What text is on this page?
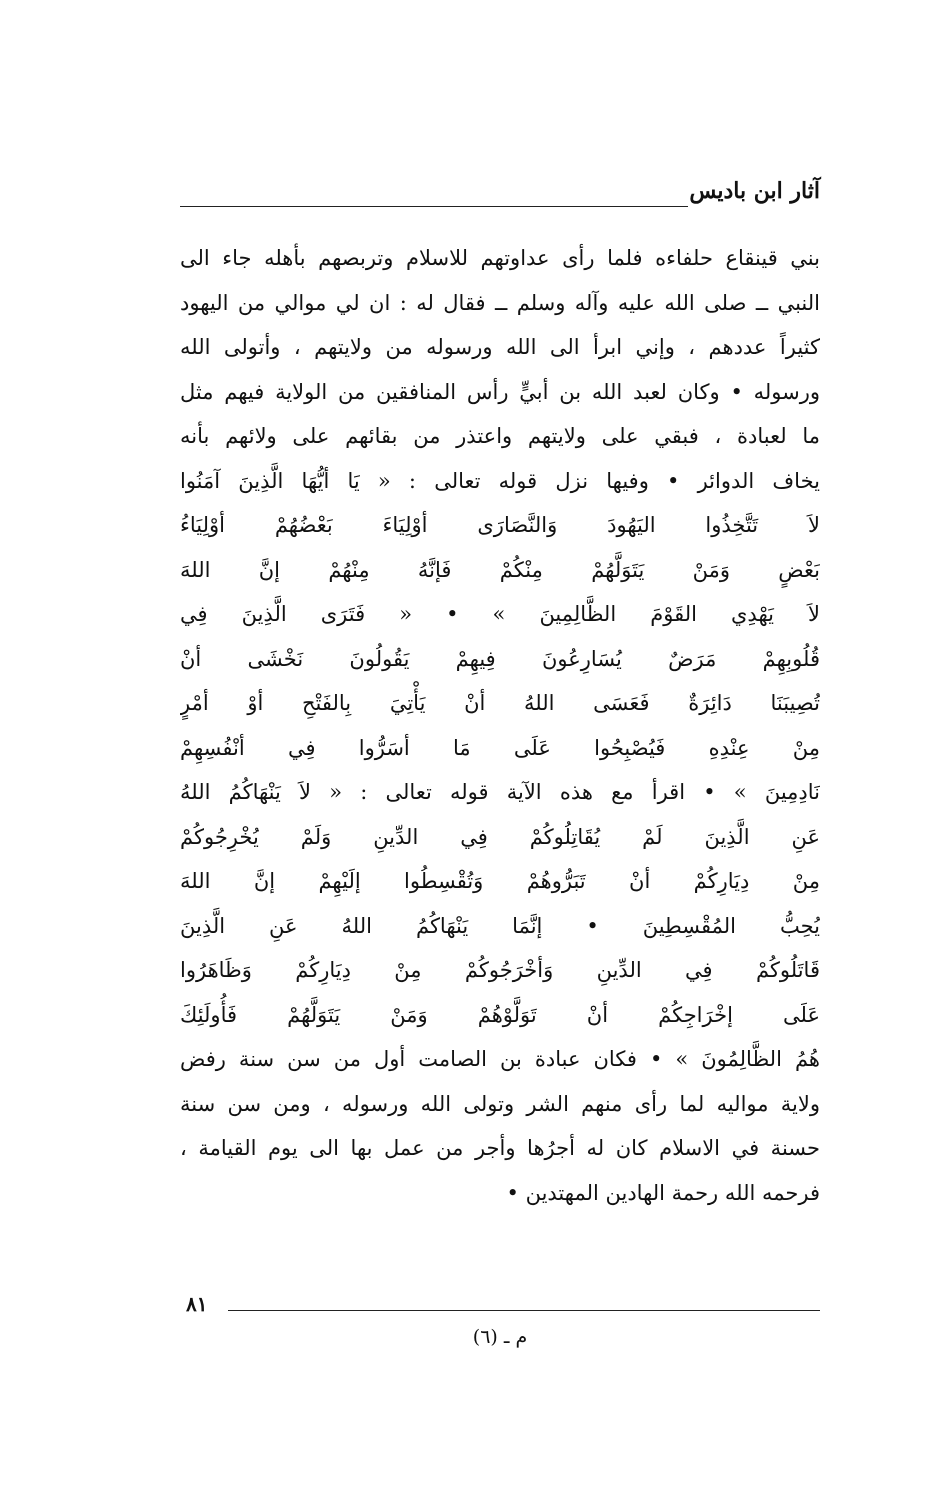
آثار ابن باديس
بني قينقاع حلفاءه فلما رأى عداوتهم للاسلام وتربصهم بأهله جاء الى
النبي ــ صلى الله عليه وآله وسلم ــ فقال له : ان لي موالي من اليهود
كثيراً عددهم ، وإني ابرأ الى الله ورسوله من ولايتهم ، وأتولى الله
ورسوله • وكان لعبد الله بن أبيٍّ رأس المنافقين من الولاية فيهم مثل
ما لعبادة ، فبقي على ولايتهم واعتذر من بقائهم على ولائهم بأنه
يخاف الدوائر • وفيها نزل قوله تعالى : « يَا أيُّهَا الَّذِينَ آمَنُوا
لاَ تَتَّخِذُوا اليَهُودَ وَالنَّصَارَى أوْلِيَاءَ بَعْضُهُمْ أوْلِيَاءُ
بَعْضٍ وَمَنْ يَتَوَلَّهُمْ مِنْكُمْ فَإنَّهُ مِنْهُمْ إنَّ اللهَ
لاَ يَهْدِي القَوْمَ الظَّالِمِينَ » • « فَتَرَى الَّذِينَ فِي
قُلُوبِهِمْ مَرَضٌ يُسَارِعُونَ فِيهِمْ يَقُولُونَ نَخْشَى أنْ
تُصِيبَنَا دَائِرَةٌ فَعَسَى اللهُ أنْ يَأْتِيَ بِالفَتْحِ أوْ أمْرٍ
مِنْ عِنْدِهِ فَيُصْبِحُوا عَلَى مَا أسَرُّوا فِي أنْفُسِهِمْ
نَادِمِينَ » • اقرأ مع هذه الآية قوله تعالى : « لاَ يَنْهَاكُمُ اللهُ
عَنِ الَّذِينَ لَمْ يُقَاتِلُوكُمْ فِي الدِّينِ وَلَمْ يُخْرِجُوكُمْ
مِنْ دِيَارِكُمْ أنْ تَبَرُّوهُمْ وَتُقْسِطُوا إلَيْهِمْ إنَّ اللهَ
يُحِبُّ المُقْسِطِينَ • إنَّمَا يَنْهَاكُمُ اللهُ عَنِ الَّذِينَ
قَاتَلُوكُمْ فِي الدِّينِ وَأخْرَجُوكُمْ مِنْ دِيَارِكُمْ وَظَاهَرُوا
عَلَى إخْرَاجِكُمْ أنْ تَوَلَّوْهُمْ وَمَنْ يَتَوَلَّهُمْ فَأُولَئِكَ
هُمُ الظَّالِمُونَ » • فكان عبادة بن الصامت أول من سن سنة رفض
ولاية مواليه لما رأى منهم الشر وتولى الله ورسوله ، ومن سن سنة
حسنة في الاسلام كان له أجرُها وأجر من عمل بها الى يوم القيامة ،
فرحمه الله رحمة الهادين المهتدين •
٨١
م ـ (٦)
